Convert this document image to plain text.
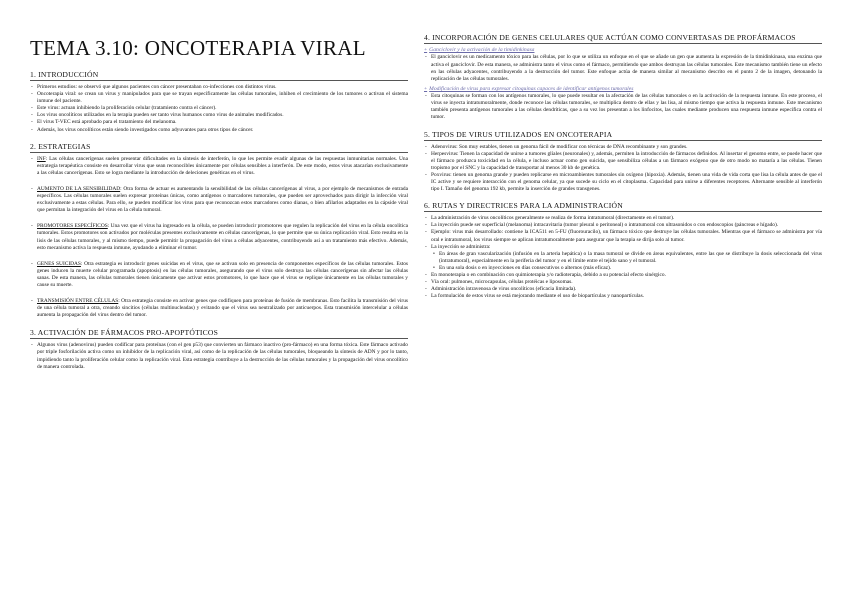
TEMA 3.10: ONCOTERAPIA VIRAL
1. INTRODUCCIÓN
- Primeros estudios: se observó que algunos pacientes con cáncer presentaban co-infecciones con distintos virus.
- Oncoterapia viral: se crean un virus y manipulados para que se trayan específicamente las células tumorales, inhiben el crecimiento de los tumores o activan el sistema inmune del paciente.
- Este virus: actuan inhibiendo la proliferación celular (tratamiento contra el cáncer).
- Los virus oncolíticos utilizados en la terapia pueden ser tanto virus humanos como virus de animales modificados.
- El virus T-VEC está aprobado para el tratamiento del melanoma.
- Además, los virus oncolíticos están siendo investigados como adyuvantes para otros tipos de cáncer.
2. ESTRATEGIAS
- INF: Las células cancerígenas suelen presentar dificultades en la síntesis de interferón, lo que les permite evadir algunas de las respuestas inmunitarias normales. Una estrategia terapéutica consiste en desarrollar virus que sean reconocibles únicamente por células sensibles a interferón. De este modo, estos virus atacarían exclusivamente a las células cancerígenas. Esto se logra mediante la introducción de deleciones genéticas en el virus.
- AUMENTO DE LA SENSIBILIDAD: Otra forma de actuar es aumentando la sensibilidad de las células cancerígenas al virus, a por ejemplo de mecanismos de entrada específicos. Las células tumorales suelen expresar proteínas únicas, como antígenos o marcadores tumorales, que pueden ser aprovechados para dirigir la infección viral exclusivamente a estas células. Para ello, se pueden modificar los virus para que reconozcan estos marcadores como dianas, o bien afilarlos adaptados en la cápside viral que permitan la integración del virus en la célula tumoral.
- PROMOTORES ESPECÍFICOS: Una vez que el virus ha ingresado en la célula, se pueden introducir promotores que regulen la replicación del virus en la célula oncolítica tumorales. Estos promotores son activados por moléculas presentes exclusivamente en células cancerígenas, lo que permite que su única replicación viral. Esto resulta en la lisis de las células tumorales, y al mismo tiempo, puede permitir la propagación del virus a células adyacentes, contribuyendo así a un tratamiento más efectivo. Además, esto mecanismo activa la respuesta inmune, ayudando a eliminar el tumor.
- GENES SUICIDAS: Otra estrategia es introducir genes suicidas en el virus, que se activan solo en presencia de componentes específicos de las células tumorales. Estos genes inducen la muerte celular programada (apoptosis) en las células tumorales, asegurando que el virus solo destruya las células cancerígenas sin afectar las células sanas. De esta manera, las células tumorales tienen únicamente que activar estos promotores, lo que hace que el virus se replique únicamente en las células tumorales y cause su muerte.
- TRANSMISIÓN ENTRE CÉLULAS: Otra estrategia consiste en activar genes que codifiquen para proteínas de fusión de membranas. Esto facilita la transmisión del virus de una célula tumoral a otra, creando sincitios (células multinucleadas) y evitando que el virus sea neutralizado por anticuerpos. Esta transmisión intercelular a células aumenta la propagación del virus dentro del tumor.
3. ACTIVACIÓN DE FÁRMACOS PRO-APOPTÓTICOS
- Algunos virus (adenovirus) pueden codificar para proteínas (con el gen p53) que convierten un fármaco inactivo (pro-fármaco) en una forma tóxica. Este fármaco activado por triple fosforilación activa como un inhibidor de la replicación viral, así como de la replicación de las células tumorales, bloqueando la síntesis de ADN y por lo tanto, impidiendo tanto la proliferación celular como la replicación viral. Esta estrategia contribuye a la destrucción de las células tumorales y la propagación del virus oncolítico de manera controlada.
4. INCORPORACIÓN DE GENES CELULARES QUE ACTÚAN COMO CONVERTASAS DE PROFÁRMACOS
+ Ganciclovir y la activación de la timidinkinasa
- El ganciclovir es un medicamento tóxico para las células, por lo que se utiliza un enfoque en el que se añade un gen que aumenta la expresión de la timidinkinasa, una enzima que activa el ganciclovir. De esta manera, se administra tanto el virus como el fármaco, permitiendo que ambos destruyan las células tumorales. Este mecanismo también tiene un efecto en las células adyacentes, contribuyendo a la destrucción del tumor. Este enfoque actúa de manera similar al mecanismo descrito en el punto 2 de la imagen, detonando la replicación de las células tumorales.
+ Modificación de virus para expresar citoquinas capaces de identificar antígenos tumorales
- Esta citoquinas se forman con los antígenos tumorales, lo que puede resultar en la afectación de las células tumorales o en la activación de la respuesta inmune. En este proceso, el virus se inyecta intratumoralmente, donde reconoce las células tumorales, se multiplica dentro de ellas y las lisa, al mismo tiempo que activa la respuesta inmune. Este mecanismo también presenta antígenos tumorales a las células dendríticas, que a su vez los presentan a los linfocitos, las cuales mediante producen una respuesta inmune específica contra el tumor.
5. TIPOS DE VIRUS UTILIZADOS EN ONCOTERAPIA
- Adenovirus: Son muy estables, tienen un genoma fácil de modificar con técnicas de DNA recombinante y son grandes.
- Herpesvirus: Tienen la capacidad de unirse a tumores glíales (neuronales) y, además, permiten la introducción de fármacos definidos. Al insertar el genomo entre, se puede hacer que el fármaco produzca toxicidad en la célula, e incluso actuar como gen suicida, que sensibiliza células a un fármaco exógeno que de otro modo no mataría a las células. Tienen tropismo por el SNC y la capacidad de transportar al menos 30 kb de genética.
- Poxvirus: tienen un genoma grande y pueden replicarse en microambientes tumorales sin oxígeno (hipoxia). Además, tienen una vida de vida corta que lisa la célula antes de que el IC active y se requiere interacción con el genoma celular, ya que sucede su ciclo en el citoplasma. Capacidad para unirse a diferentes receptores. Alternante sensible al interferón tipo I. Tamaño del genoma 192 kb, permite la inserción de grandes transgenes.
6. RUTAS Y DIRECTRICES PARA LA ADMINISTRACIÓN
- La administración de virus oncolíticos generalmente se realiza de forma intratumoral (directamente en el tumor).
- La inyección puede ser superficial (melanoma) intracavitaria (tumor pleural o peritoneal) o intratumoral con ultrasonidos o con endoscopios (páncreas e hígado).
- Ejemplo: virus más desarrollado: contiene la ICA511 en 5-FU (fluorouracilo), un fármaco tóxico que destruye las células tumorales. Mientras que el fármaco se administra por vía oral e intratumoral, los virus siempre se aplican intratumoralmente para asegurar que la terapia se dirija solo al tumor.
- La inyección se administra:
• En áreas de gran vascularización (infusión en la arteria hepática) o la masa tumoral se divide en áreas equivalentes, entre las que se distribuye la dosis seleccionada del virus (intratumoral), especialmente en la periferia del tumor y en el límite entre el tejido sano y el tumoral.
• En una sola dosis o en inyecciones en días consecutivos o alternos (más eficaz).
- En monoterapia o en combinación con quimioterapia y/o radioterapia, debido a su potencial efecto sinérgico.
- Vía oral: pulmones, microcapsulas, células protéicas e liposomas.
- Administración intravenosa de virus oncolíticos (eficacia limitada).
- La formulación de estos virus se está mejorando mediante el uso de biopartículas y nanopartículas.
